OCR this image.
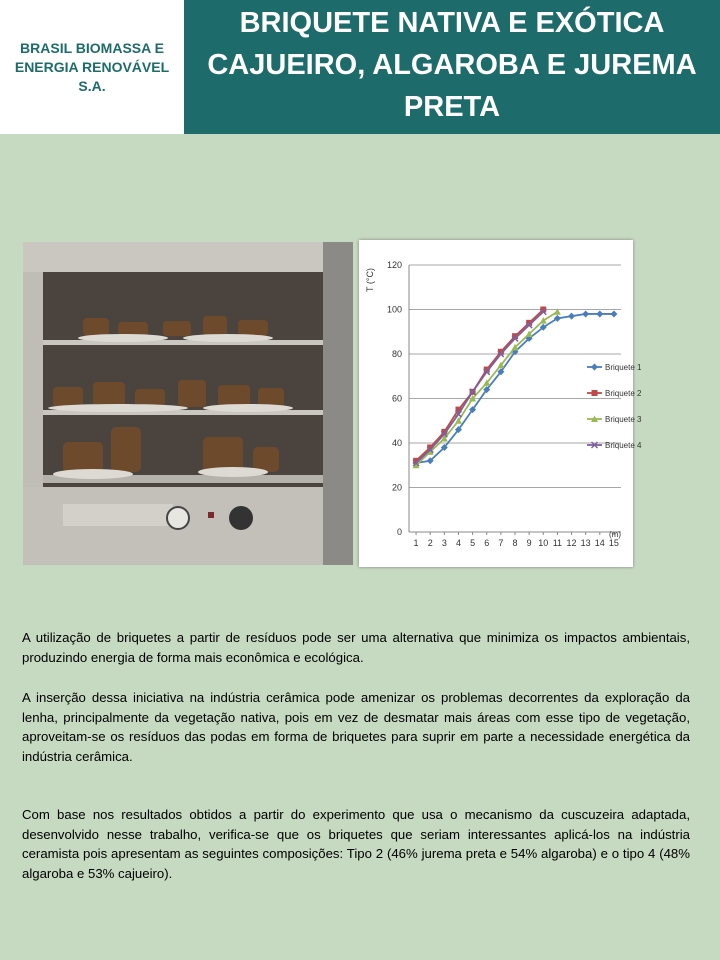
BRASIL BIOMASSA E ENERGIA RENOVÁVEL S.A.
BRIQUETE NATIVA E EXÓTICA CAJUEIRO, ALGAROBA E JUREMA PRETA
0
20
40
60
80
100
120
1 2 3 4 5 6 7 8 9 10 11 12 13 14 15
T (°C)
(m)
Briquete 1
Briquete 2
Briquete 3
Briquete 4

A utilização de briquetes a partir de resíduos pode ser uma alternativa que minimiza os impactos ambientais, produzindo energia de forma mais econômica e ecológica.

A inserção dessa iniciativa na indústria cerâmica pode amenizar os problemas decorrentes da exploração da lenha, principalmente da vegetação nativa, pois em vez de desmatar mais áreas com esse tipo de vegetação, aproveitam-se os resíduos das podas em forma de briquetes para suprir em parte a necessidade energética da indústria cerâmica.

Com base nos resultados obtidos a partir do experimento que usa o mecanismo da cuscuzeira adaptada, desenvolvido nesse trabalho, verifica-se que os briquetes que seriam interessantes aplicá-los na indústria ceramista pois apresentam as seguintes composições: Tipo 2 (46% jurema preta e 54% algaroba) e o tipo 4 (48% algaroba e 53% cajueiro).
